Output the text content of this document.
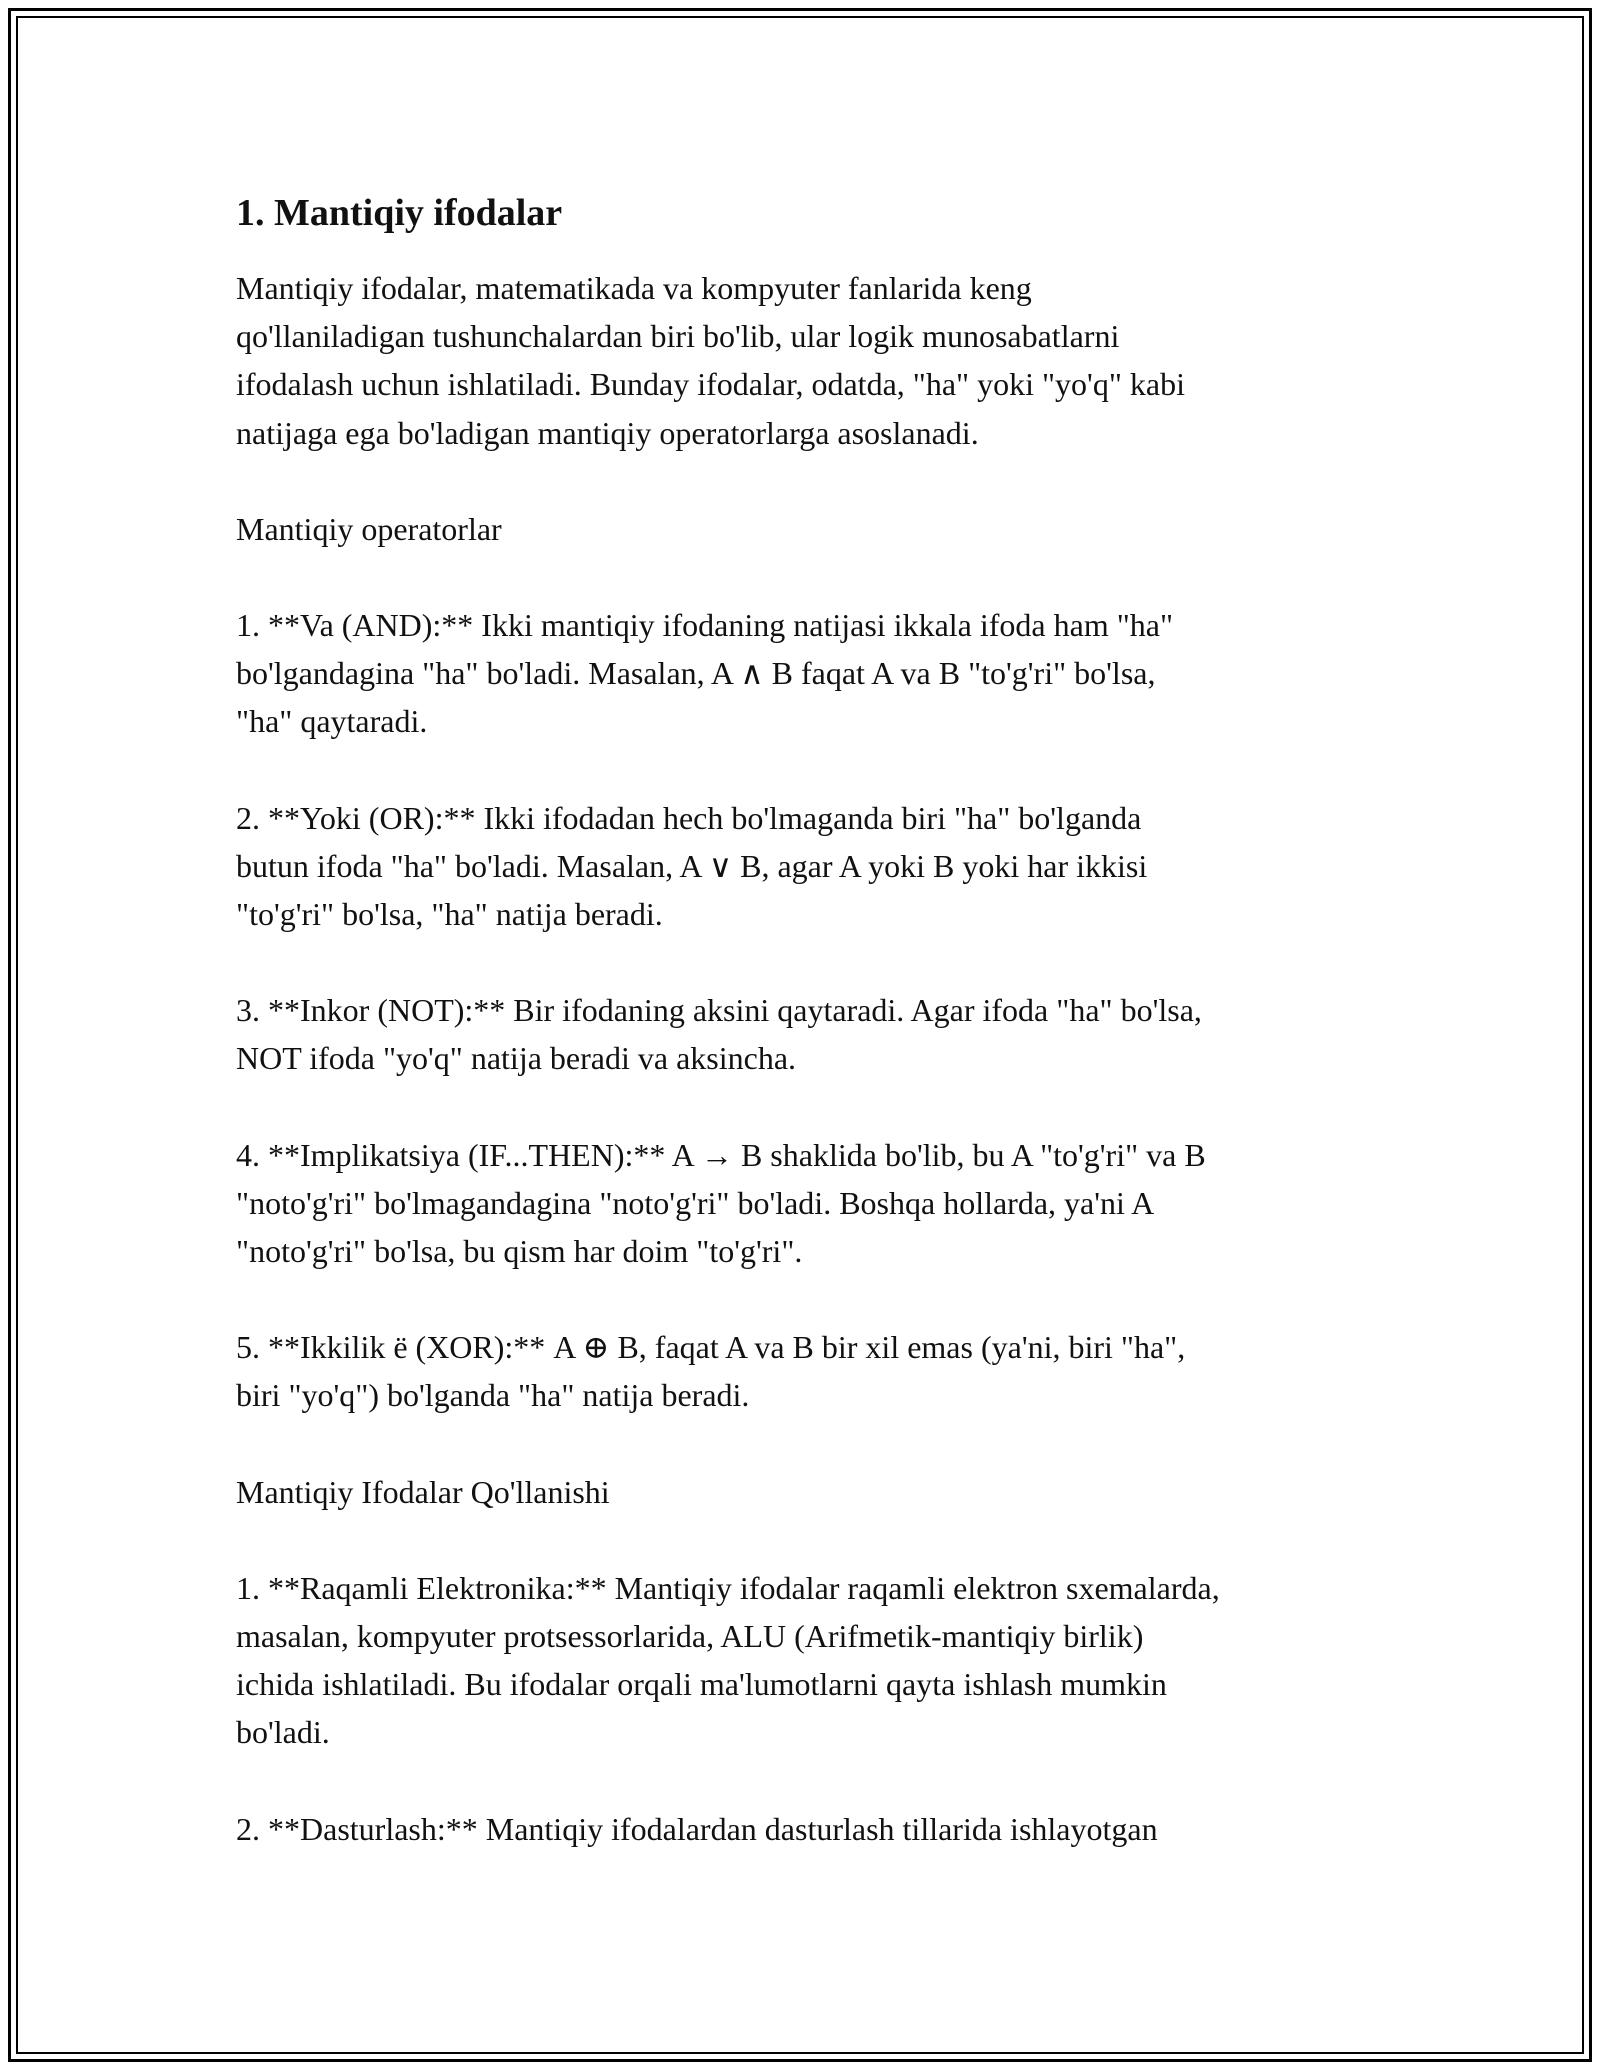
1. Mantiqiy ifodalar

Mantiqiy ifodalar, matematikada va kompyuter fanlarida keng
qo'llaniladigan tushunchalardan biri bo'lib, ular logik munosabatlarni
ifodalash uchun ishlatiladi. Bunday ifodalar, odatda, "ha" yoki "yo'q" kabi
natijaga ega bo'ladigan mantiqiy operatorlarga asoslanadi.

Mantiqiy operatorlar

1. **Va (AND):** Ikki mantiqiy ifodaning natijasi ikkala ifoda ham "ha"
bo'lgandagina "ha" bo'ladi. Masalan, A ∧ B faqat A va B "to'g'ri" bo'lsa,
"ha" qaytaradi.

2. **Yoki (OR):** Ikki ifodadan hech bo'lmaganda biri "ha" bo'lganda
butun ifoda "ha" bo'ladi. Masalan, A ∨ B, agar A yoki B yoki har ikkisi
"to'g'ri" bo'lsa, "ha" natija beradi.

3. **Inkor (NOT):** Bir ifodaning aksini qaytaradi. Agar ifoda "ha" bo'lsa,
NOT ifoda "yo'q" natija beradi va aksincha.

4. **Implikatsiya (IF...THEN):** A → B shaklida bo'lib, bu A "to'g'ri" va B
"noto'g'ri" bo'lmagandagina "noto'g'ri" bo'ladi. Boshqa hollarda, ya'ni A
"noto'g'ri" bo'lsa, bu qism har doim "to'g'ri".

5. **Ikkilik ё (XOR):** A ⊕ B, faqat A va B bir xil emas (ya'ni, biri "ha",
biri "yo'q") bo'lganda "ha" natija beradi.

Mantiqiy Ifodalar Qo'llanishi

1. **Raqamli Elektronika:** Mantiqiy ifodalar raqamli elektron sxemalarda,
masalan, kompyuter protsessorlarida, ALU (Arifmetik-mantiqiy birlik)
ichida ishlatiladi. Bu ifodalar orqali ma'lumotlarni qayta ishlash mumkin
bo'ladi.

2. **Dasturlash:** Mantiqiy ifodalardan dasturlash tillarida ishlayotgan
